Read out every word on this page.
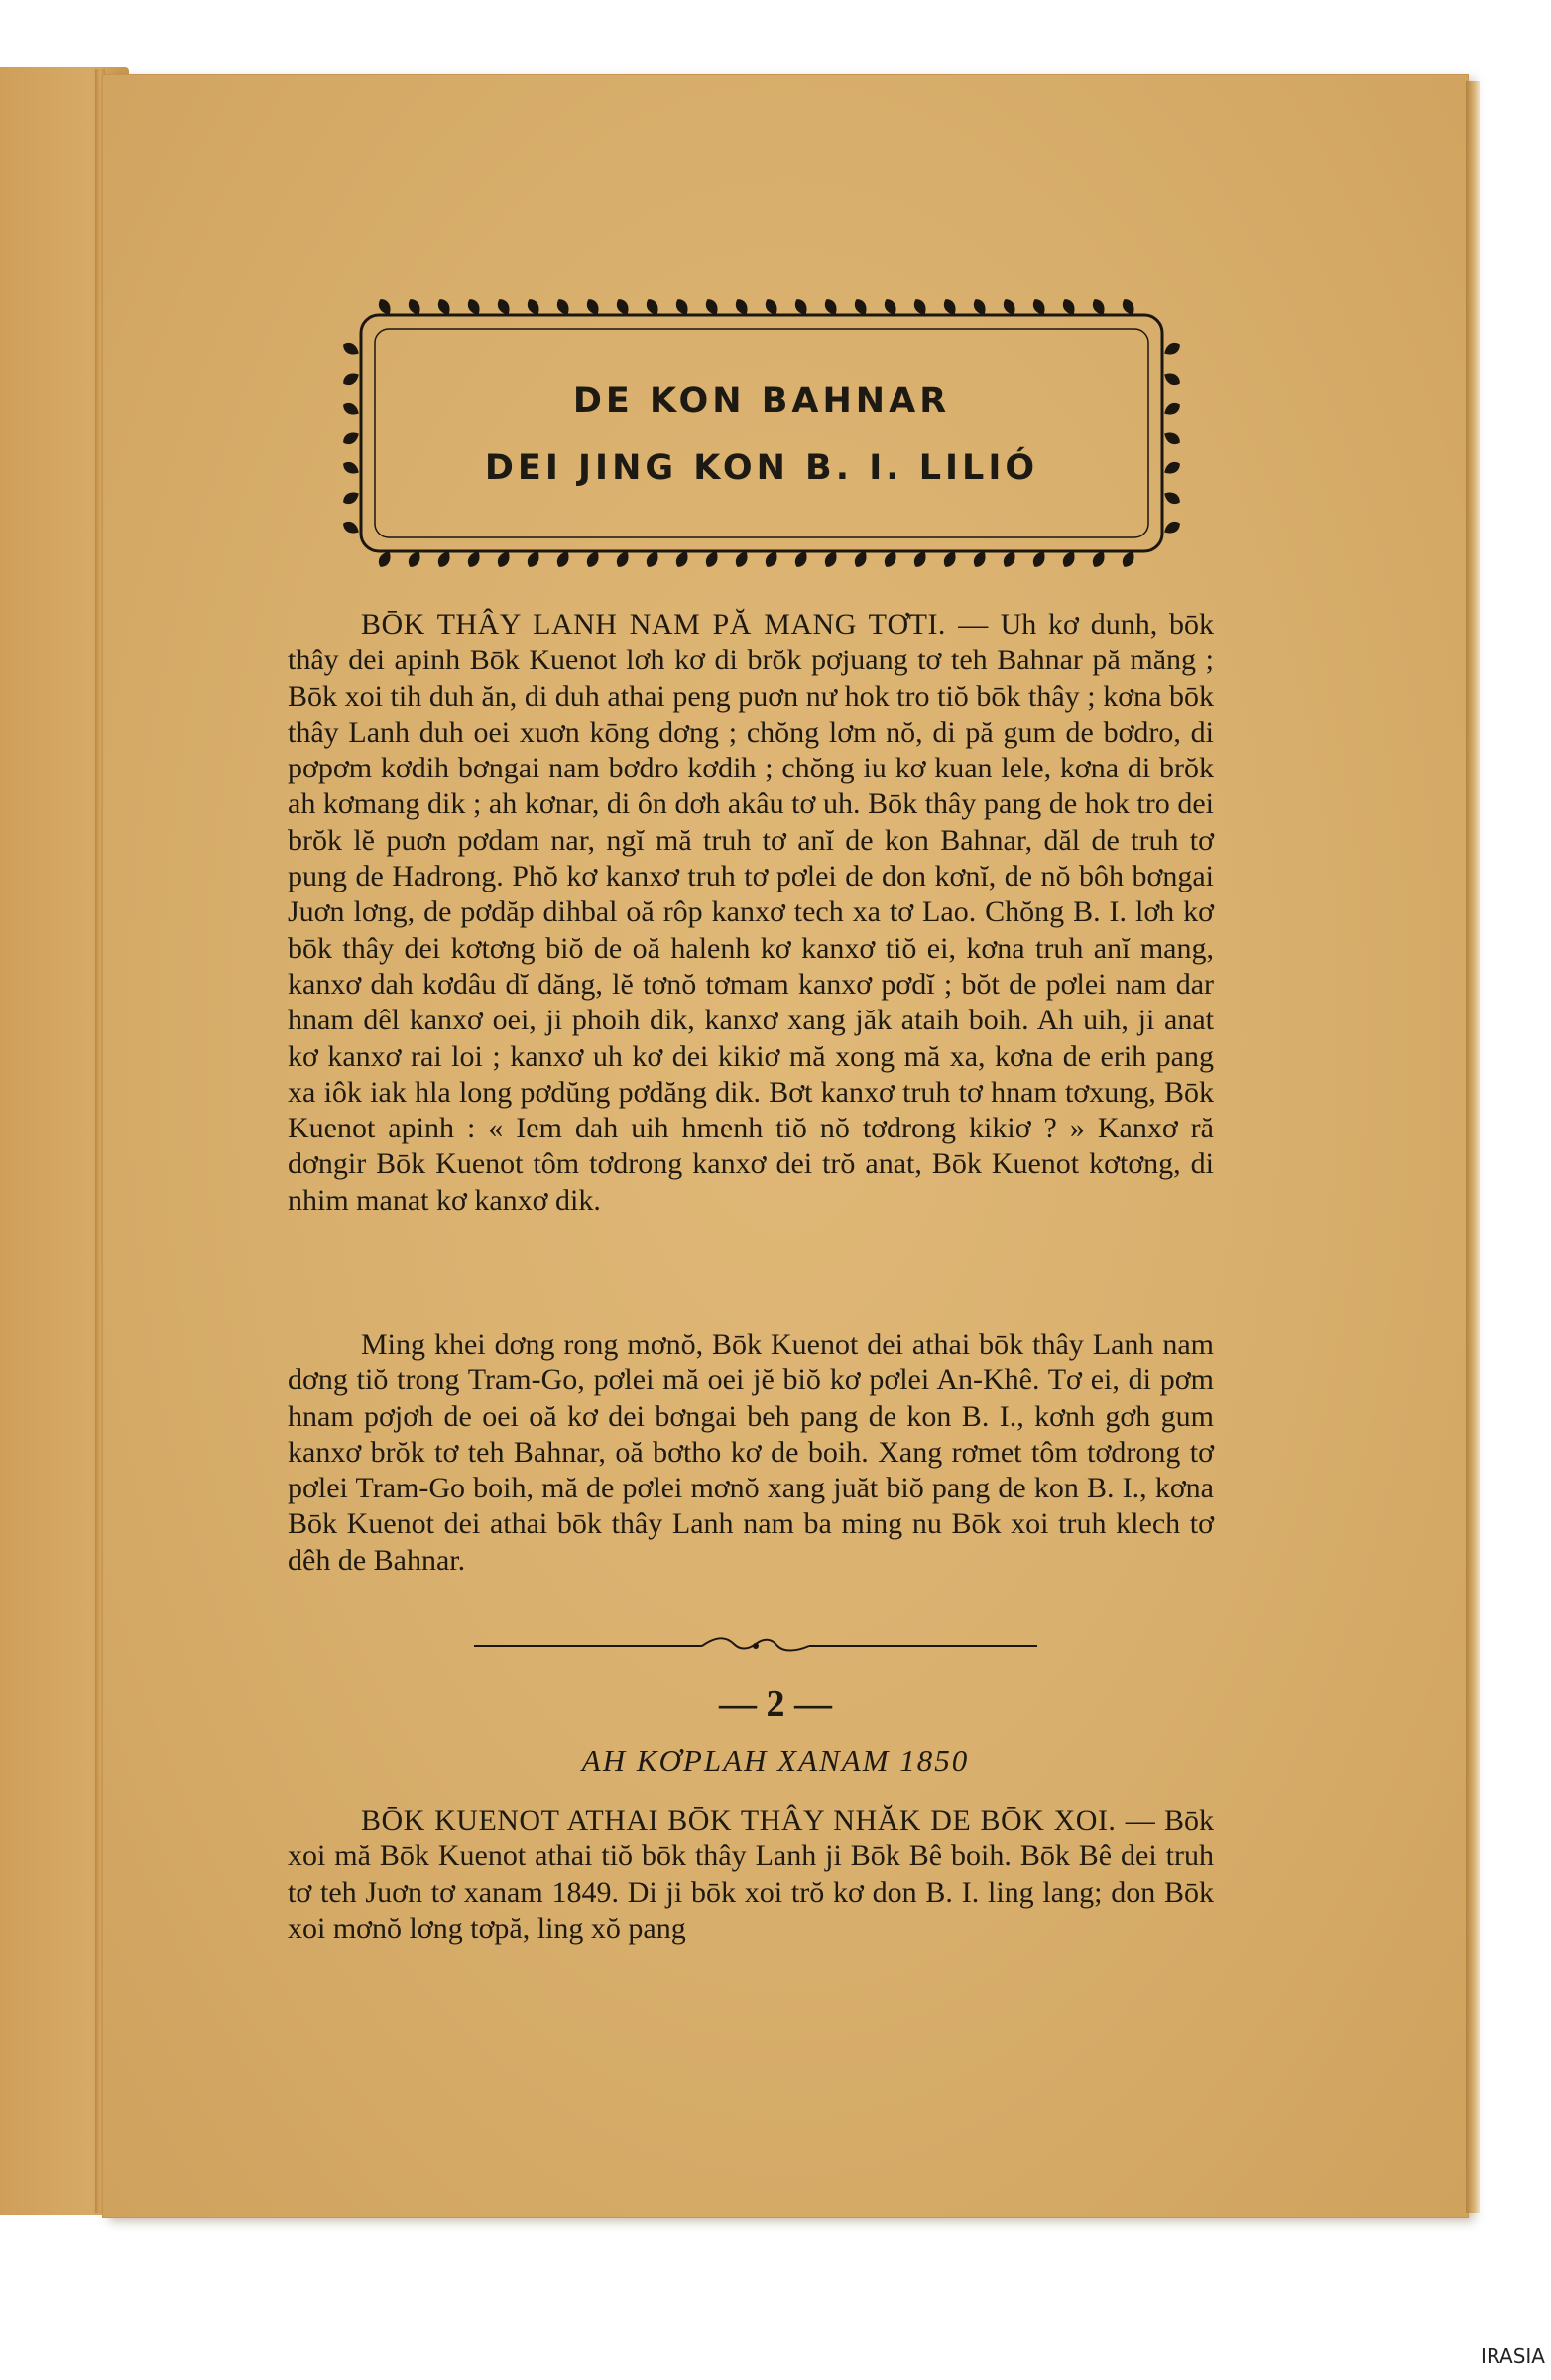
DE KON BAHNAR
DEI JING KON B. I. LILIÓ

BŌK THÂY LANH NAM PĂ MANG TƠTI. — Uh kơ dunh, bōk thây dei apinh Bōk Kuenot lơh kơ di brŏk pơjuang tơ teh Bahnar pă măng ; Bōk xoi tih duh ăn, di duh athai peng puơn nư hok tro tiŏ bōk thây ; kơna bōk thây Lanh duh oei xuơn kōng dơng ; chŏng lơm nŏ, di pă gum de bơdro, di pơpơm kơdih bơngai nam bơdro kơdih ; chŏng iu kơ kuan lele, kơna di brŏk ah kơmang dik ; ah kơnar, di ôn dơh akâu tơ uh. Bōk thây pang de hok tro dei brŏk lĕ puơn pơdam nar, ngĭ mă truh tơ anĭ de kon Bahnar, dăl de truh tơ pung de Hadrong. Phŏ kơ kanxơ truh tơ pơlei de don kơnĭ, de nŏ bôh bơngai Juơn lơng, de pơdăp dihbal oă rôp kanxơ tech xa tơ Lao. Chŏng B. I. lơh kơ bōk thây dei kơtơng biŏ de oă halenh kơ kanxơ tiŏ ei, kơna truh anĭ mang, kanxơ dah kơdâu dĭ dăng, lĕ tơnŏ tơmam kanxơ pơdĭ ; bŏt de pơlei nam dar hnam dêl kanxơ oei, ji phoih dik, kanxơ xang jăk ataih boih. Ah uih, ji anat kơ kanxơ rai loi ; kanxơ uh kơ dei kikiơ mă xong mă xa, kơna de erih pang xa iôk iak hla long pơdŭng pơdăng dik. Bơt kanxơ truh tơ hnam tơxung, Bōk Kuenot apinh : « Iem dah uih hmenh tiŏ nŏ tơdrong kikiơ ? » Kanxơ ră dơngir Bōk Kuenot tôm tơdrong kanxơ dei trŏ anat, Bōk Kuenot kơtơng, di nhim manat kơ kanxơ dik.

Ming khei dơng rong mơnŏ, Bōk Kuenot dei athai bōk thây Lanh nam dơng tiŏ trong Tram-Go, pơlei mă oei jĕ biŏ kơ pơlei An-Khê. Tơ ei, di pơm hnam pơjơh de oei oă kơ dei bơngai beh pang de kon B. I., kơnh gơh gum kanxơ brŏk tơ teh Bahnar, oă bơtho kơ de boih. Xang rơmet tôm tơdrong tơ pơlei Tram-Go boih, mă de pơlei mơnŏ xang juăt biŏ pang de kon B. I., kơna Bōk Kuenot dei athai bōk thây Lanh nam ba ming nu Bōk xoi truh klech tơ dêh de Bahnar.

— 2 —
AH KƠPLAH XANAM 1850

BŌK KUENOT ATHAI BŌK THÂY NHĂK DE BŌK XOI. — Bōk xoi mă Bōk Kuenot athai tiŏ bōk thây Lanh ji Bōk Bê boih. Bōk Bê dei truh tơ teh Juơn tơ xanam 1849. Di ji bōk xoi trŏ kơ don B. I. ling lang; don Bōk xoi mơnŏ lơng tơpă, ling xŏ pang

IRASIA
